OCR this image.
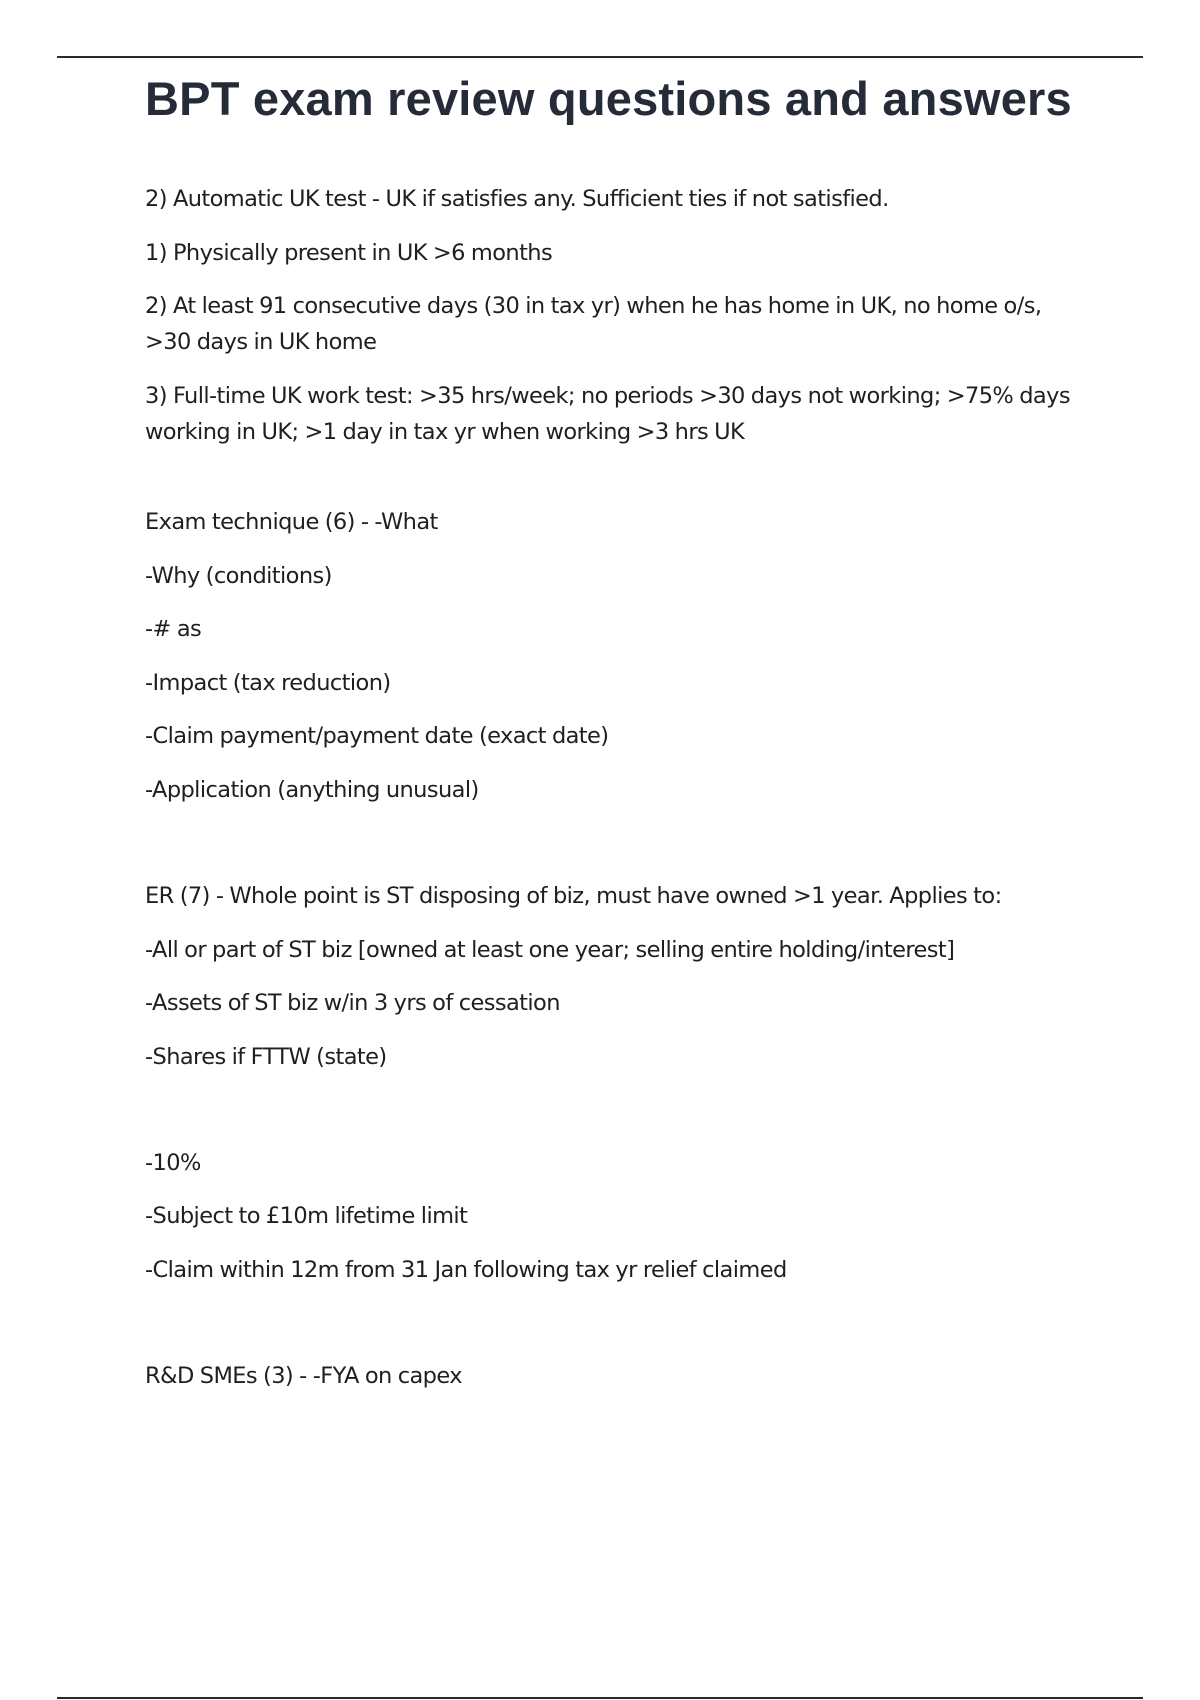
BPT exam review questions and answers

2) Automatic UK test - UK if satisfies any. Sufficient ties if not satisfied.

1) Physically present in UK >6 months

2) At least 91 consecutive days (30 in tax yr) when he has home in UK, no home o/s, >30 days in UK home

3) Full-time UK work test: >35 hrs/week; no periods >30 days not working; >75% days working in UK; >1 day in tax yr when working >3 hrs UK

Exam technique (6) - -What

-Why (conditions)

-# as

-Impact (tax reduction)

-Claim payment/payment date (exact date)

-Application (anything unusual)

ER (7) - Whole point is ST disposing of biz, must have owned >1 year. Applies to:

-All or part of ST biz [owned at least one year; selling entire holding/interest]

-Assets of ST biz w/in 3 yrs of cessation

-Shares if FTTW (state)

-10%

-Subject to £10m lifetime limit

-Claim within 12m from 31 Jan following tax yr relief claimed

R&D SMEs (3) - -FYA on capex
